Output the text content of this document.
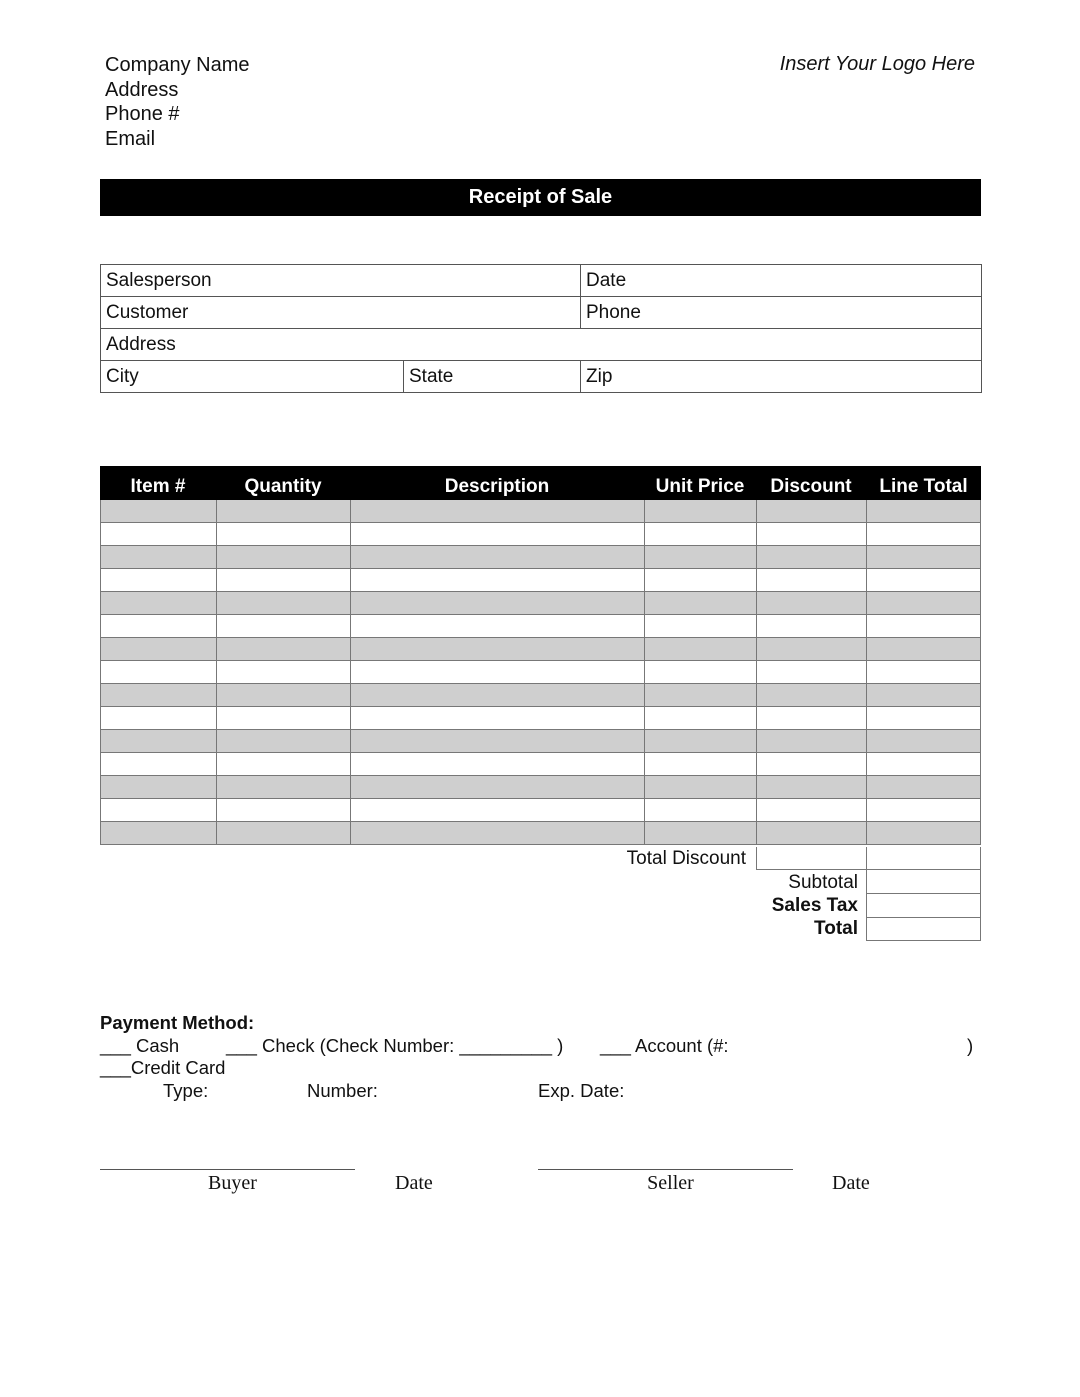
Company Name
Address
Phone #
Email
Insert Your Logo Here
Receipt of Sale
Salesperson		Date
Customer		Phone
Address		
City	State	Zip
Item #	Quantity	Description	Unit Price	Discount	Line Total
Total Discount
Subtotal
Sales Tax
Total
Payment Method:
___ Cash	___ Check (Check Number: _________ ) ___ Account (#:	)
___Credit Card
Type:	Number:	Exp. Date:
Buyer	Date	Seller	Date
